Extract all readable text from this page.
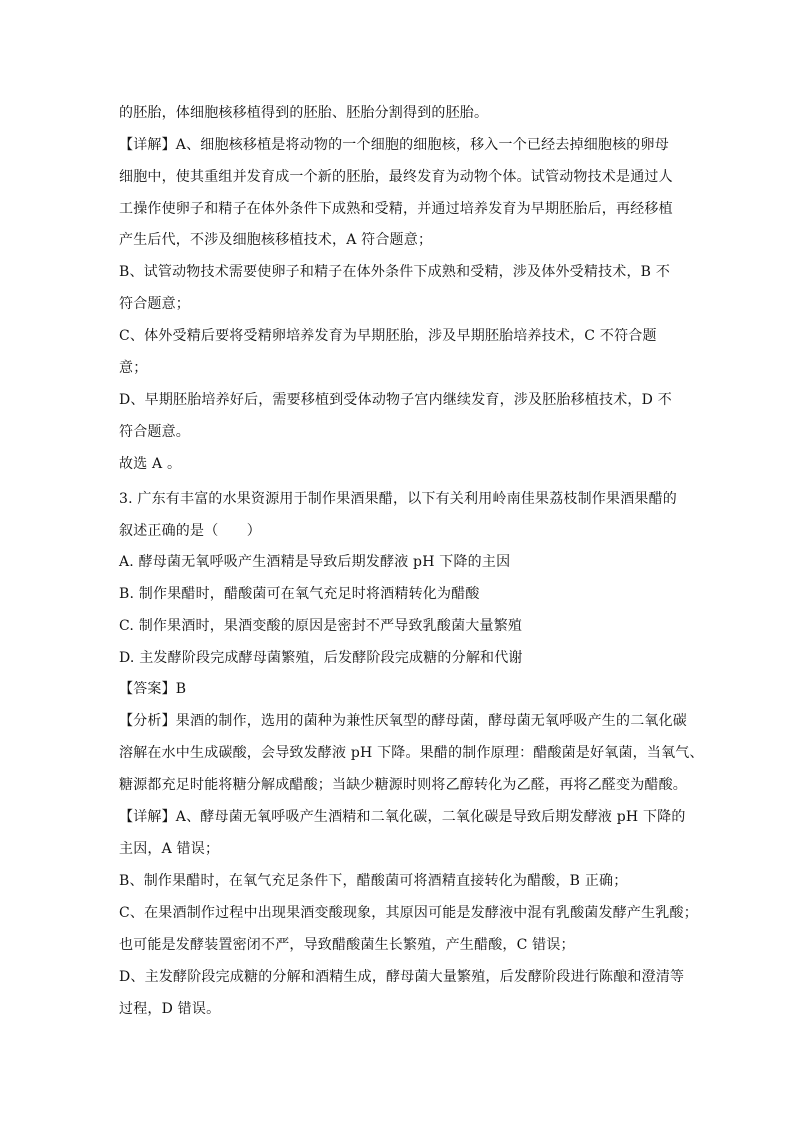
的胚胎，体细胞核移植得到的胚胎、胚胎分割得到的胚胎。
【详解】A、细胞核移植是将动物的一个细胞的细胞核，移入一个已经去掉细胞核的卵母
细胞中，使其重组并发育成一个新的胚胎，最终发育为动物个体。试管动物技术是通过人
工操作使卵子和精子在体外条件下成熟和受精，并通过培养发育为早期胚胎后，再经移植
产生后代，不涉及细胞核移植技术，A 符合题意；
B、试管动物技术需要使卵子和精子在体外条件下成熟和受精，涉及体外受精技术，B 不
符合题意；
C、体外受精后要将受精卵培养发育为早期胚胎，涉及早期胚胎培养技术，C 不符合题
意；
D、早期胚胎培养好后，需要移植到受体动物子宫内继续发育，涉及胚胎移植技术，D 不
符合题意。
故选 A 。
3. 广东有丰富的水果资源用于制作果酒果醋，以下有关利用岭南佳果荔枝制作果酒果醋的
叙述正确的是（　　）
A. 酵母菌无氧呼吸产生酒精是导致后期发酵液 pH 下降的主因
B. 制作果醋时，醋酸菌可在氧气充足时将酒精转化为醋酸
C. 制作果酒时，果酒变酸的原因是密封不严导致乳酸菌大量繁殖
D. 主发酵阶段完成酵母菌繁殖，后发酵阶段完成糖的分解和代谢
【答案】B
【分析】果酒的制作，选用的菌种为兼性厌氧型的酵母菌，酵母菌无氧呼吸产生的二氧化碳
溶解在水中生成碳酸，会导致发酵液 pH 下降。果醋的制作原理：醋酸菌是好氧菌，当氧气、
糖源都充足时能将糖分解成醋酸；当缺少糖源时则将乙醇转化为乙醛，再将乙醛变为醋酸。
【详解】A、酵母菌无氧呼吸产生酒精和二氧化碳，二氧化碳是导致后期发酵液 pH 下降的
主因，A 错误；
B、制作果醋时，在氧气充足条件下，醋酸菌可将酒精直接转化为醋酸，B 正确；
C、在果酒制作过程中出现果酒变酸现象，其原因可能是发酵液中混有乳酸菌发酵产生乳酸；
也可能是发酵装置密闭不严，导致醋酸菌生长繁殖，产生醋酸，C 错误；
D、主发酵阶段完成糖的分解和酒精生成，酵母菌大量繁殖，后发酵阶段进行陈酿和澄清等
过程，D 错误。
